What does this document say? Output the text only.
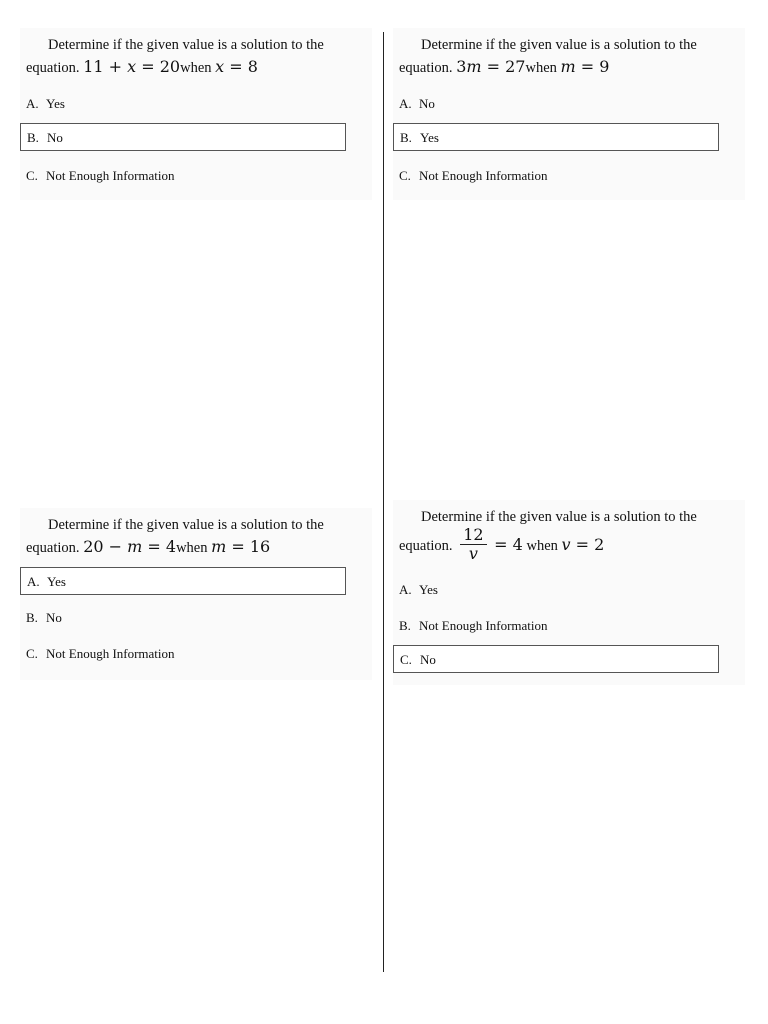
Determine if the given value is a solution to the
equation. 11 + x = 20when x = 8
A. Yes
B. No
C. Not Enough Information
Determine if the given value is a solution to the
equation. 3m = 27when m = 9
A. No
B. Yes
C. Not Enough Information
Determine if the given value is a solution to the
equation. 20 − m = 4when m = 16
A. Yes
B. No
C. Not Enough Information
Determine if the given value is a solution to the
equation. $\frac{12}{v} = 4$ when v = 2
A. Yes
B. Not Enough Information
C. No
